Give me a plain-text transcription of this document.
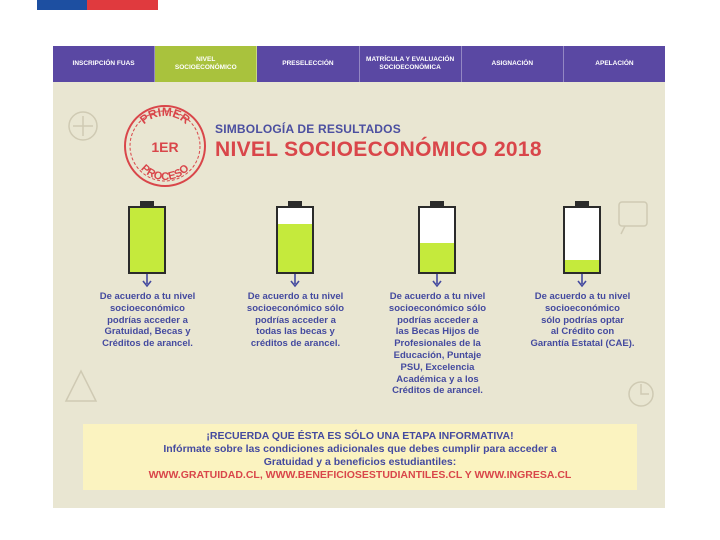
INSCRIPCIÓN FUAS
NIVEL
SOCIOECONÓMICO
PRESELECCIÓN
MATRÍCULA Y EVALUACIÓN
SOCIOECONÓMICA
ASIGNACIÓN	APELACIÓN
PRIMER
1ER
PROCESO
SIMBOLOGÍA DE RESULTADOS
NIVEL SOCIOECONÓMICO 2018

De acuerdo a tu nivel
socioeconómico
podrías acceder a
Gratuidad, Becas y
Créditos de arancel.

De acuerdo a tu nivel
socioeconómico sólo
podrías acceder a
todas las becas y
créditos de arancel.

De acuerdo a tu nivel
socioeconómico sólo
podrías acceder a
las Becas Hijos de
Profesionales de la
Educación, Puntaje
PSU, Excelencia
Académica y a los
Créditos de arancel.

De acuerdo a tu nivel
socioeconómico
sólo podrías optar
al Crédito con
Garantía Estatal (CAE).

¡RECUERDA QUE ÉSTA ES SÓLO UNA ETAPA INFORMATIVA!

Infórmate sobre las condiciones adicionales que debes cumplir para acceder a

Gratuidad y a beneficios estudiantiles:

WWW.GRATUIDAD.CL, WWW.BENEFICIOSESTUDIANTILES.CL Y WWW.INGRESA.CL
